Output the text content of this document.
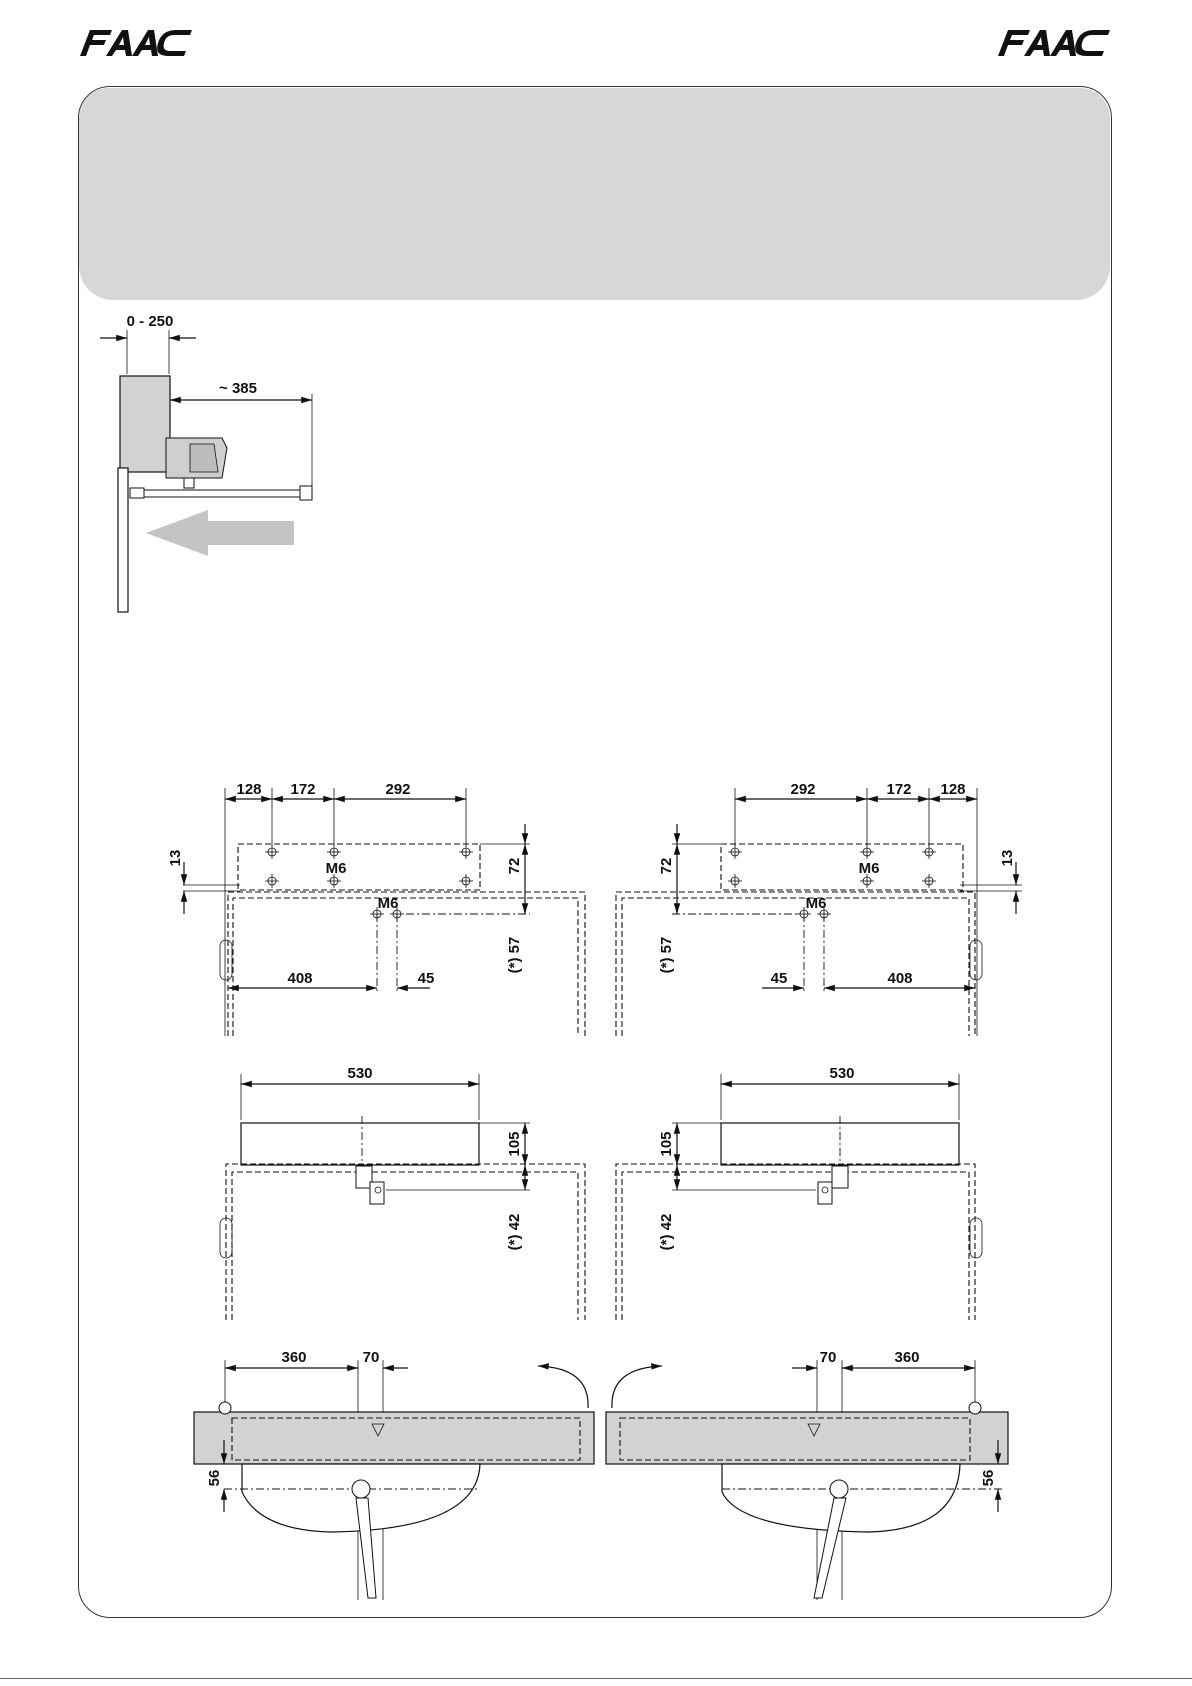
0 - 250
~ 385
128 172	292
M6
M6
13	72
(*) 57
408	45
128
172
292
M6
M6
13
72
(*) 57
408
45
530
105
(*) 42
530
105
(*) 42
360	70
56
360
70
56
